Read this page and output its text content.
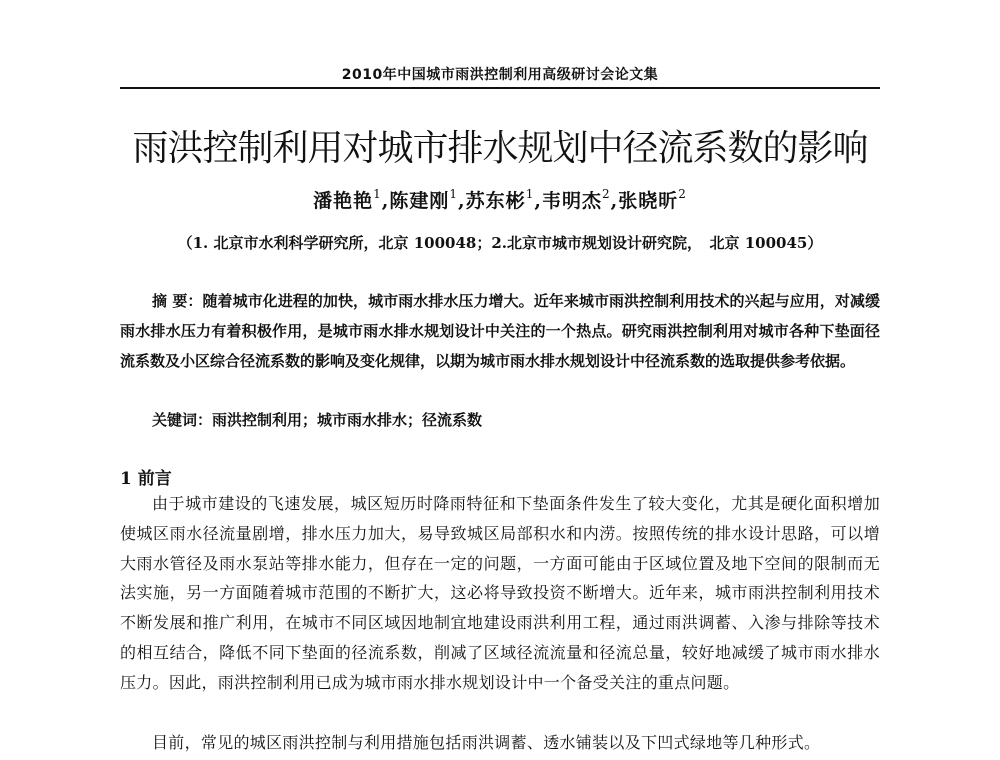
2010年中国城市雨洪控制利用高级研讨会论文集
雨洪控制利用对城市排水规划中径流系数的影响
潘艳艳$^1$,陈建刚$^1$,苏东彬$^1$,韦明杰$^2$,张晓昕$^2$
（1. 北京市水利科学研究所，北京 100048；2.北京市城市规划设计研究院，　北京 100045）
摘 要：随着城市化进程的加快，城市雨水排水压力增大。近年来城市雨洪控制利用技术的兴起与应用，对减缓雨水排水压力有着积极作用，是城市雨水排水规划设计中关注的一个热点。研究雨洪控制利用对城市各种下垫面径流系数及小区综合径流系数的影响及变化规律，以期为城市雨水排水规划设计中径流系数的选取提供参考依据。
关键词：雨洪控制利用；城市雨水排水；径流系数
1 前言
由于城市建设的飞速发展，城区短历时降雨特征和下垫面条件发生了较大变化，尤其是硬化面积增加使城区雨水径流量剧增，排水压力加大，易导致城区局部积水和内涝。按照传统的排水设计思路，可以增大雨水管径及雨水泵站等排水能力，但存在一定的问题，一方面可能由于区域位置及地下空间的限制而无法实施，另一方面随着城市范围的不断扩大，这必将导致投资不断增大。近年来，城市雨洪控制利用技术不断发展和推广利用，在城市不同区域因地制宜地建设雨洪利用工程，通过雨洪调蓄、入渗与排除等技术的相互结合，降低不同下垫面的径流系数，削减了区域径流流量和径流总量，较好地减缓了城市雨水排水压力。因此，雨洪控制利用已成为城市雨水排水规划设计中一个备受关注的重点问题。
目前，常见的城区雨洪控制与利用措施包括雨洪调蓄、透水铺装以及下凹式绿地等几种形式。
